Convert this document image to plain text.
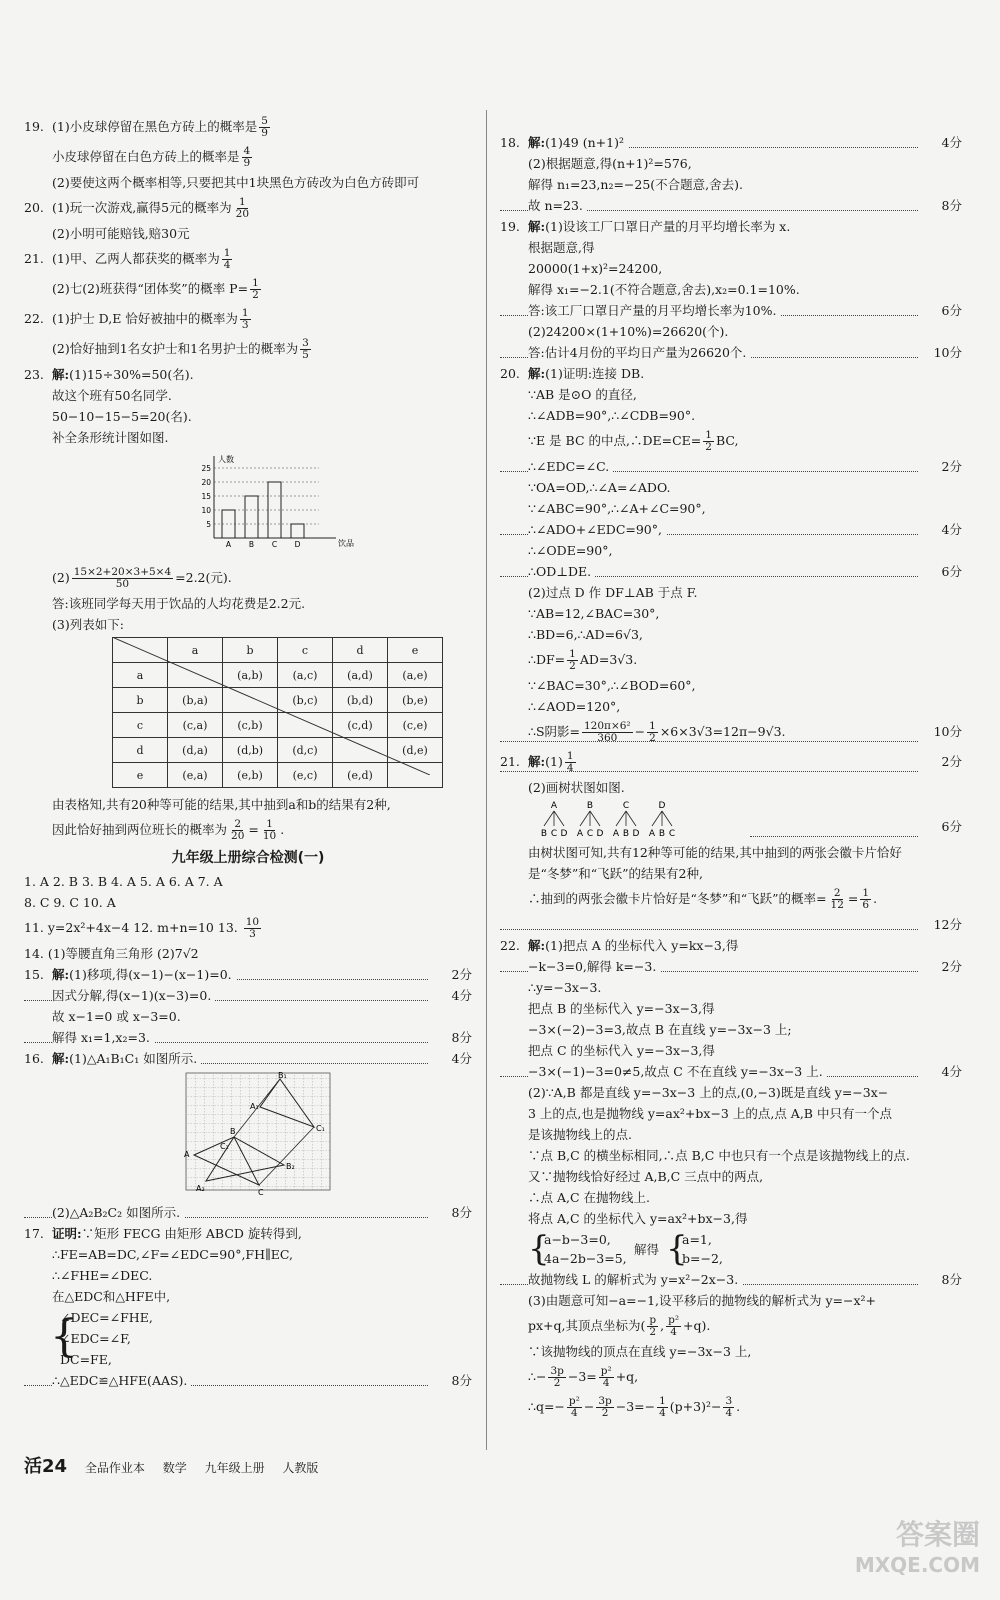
19. (1)小皮球停留在黑色方砖上的概率是 $\frac{5}{9}$
小皮球停留在白色方砖上的概率是 $\frac{4}{9}$
(2)要使这两个概率相等,只要把其中1块黑色方砖改为白色方砖即可
20. (1)玩一次游戏,赢得5元的概率为 $\frac{1}{20}$
(2)小明可能赔钱,赔30元
21. (1)甲、乙两人都获奖的概率为 $\frac{1}{4}$
(2)七(2)班获得“团体奖”的概率 $P= \frac{1}{2}$
22. (1)护士 D,E 恰好被抽中的概率为 $\frac{1}{3}$
(2)恰好抽到1名女护士和1名男护士的概率为 $\frac{3}{5}$
23. 解:(1)15÷30%=50(名).
故这个班有50名同学.
50−10−15−5=20(名).
补全条形统计图如图.
人数
饮品
5
10
15
20
25
A B C D
$(2) \frac{15\times 2+20\times 3+5\times 4}{50} =2.2$(元).
答:该班同学每天用于饮品的人均花费是2.2元.
(3)列表如下:
	a	b	c	d	e
a		(a,b)	(a,c)	(a,d)	(a,e)
b	(b,a)		(b,c)	(b,d)	(b,e)
c	(c,a)	(c,b)		(c,d)	(c,e)
d	(d,a)	(d,b)	(d,c)		(d,e)
e	(e,a)	(e,b)	(e,c)	(e,d)	
由表格知,共有20种等可能的结果,其中抽到a和b的结果有2种,
因此恰好抽到两位班长的概率为 $\frac{2}{20} = \frac{1}{10}$ .
九年级上册综合检测(一)
1. A 2. B 3. B 4. A 5. A 6. A 7. A
8. C 9. C 10. A
11. y=2x²+4x−4 12. m+n=10 13. $\frac{10}{3}$
14. (1)等腰直角三角形 (2)7√2
15. 解:(1)移项,得(x−1)−(x−1)=0.	2分
因式分解,得(x−1)(x−3)=0.	4分
故 x−1=0 或 x−3=0.
解得 x₁=1,x₂=3.	8分
16. 解:(1)△A₁B₁C₁ 如图所示.	4分
A
B
C
A₁
B₁
C₁
A₂
B₂
C₂
(2)△A₂B₂C₂ 如图所示.	8分
17. 证明:∵矩形 FECG 由矩形 ABCD 旋转得到,
∴FE=AB=DC,∠F=∠EDC=90°,FH∥EC,
∴∠FHE=∠DEC.
在△EDC和△HFE中,
{
∠DEC=∠FHE,
∠EDC=∠F,
DC=FE,
∴△EDC≌△HFE(AAS).	8分
18. 解:(1)49 (n+1)²	4分
(2)根据题意,得(n+1)²=576,
解得 n₁=23,n₂=−25(不合题意,舍去).
故 n=23.	8分
19. 解:(1)设该工厂口罩日产量的月平均增长率为 x.
根据题意,得
20000(1+x)²=24200,
解得 x₁=−2.1(不符合题意,舍去),x₂=0.1=10%.
答:该工厂口罩日产量的月平均增长率为10%.	6分
(2)24200×(1+10%)=26620(个).
答:估计4月份的平均日产量为26620个.	10分
20. 解:(1)证明:连接 DB.
∵AB 是⊙O 的直径,
∴∠ADB=90°,∴∠CDB=90°.
∵E 是 BC 的中点,∴DE=CE= $\frac{1}{2}$ BC,
∴∠EDC=∠C.	2分
∵OA=OD,∴∠A=∠ADO.
∵∠ABC=90°,∴∠A+∠C=90°,
∴∠ADO+∠EDC=90°,	4分
∴∠ODE=90°,
∴OD⊥DE.	6分
(2)过点 D 作 DF⊥AB 于点 F.
∵AB=12,∠BAC=30°,
∴BD=6,∴AD=6√3,
∴DF= $\frac{1}{2} AD=3√3$.
∵∠BAC=30°,∴∠BOD=60°,
∴∠AOD=120°,
∴S阴影= $\frac{\text{120π×6²}}{360} - \frac{1}{2} \times 6\times 3√3=12\pi-9√3$.	10分
21. 解:(1) $\frac{1}{4}$	2分
(2)画树状图如图.
A
B C D
B
A C D
C
A B D
D
A B C	6分
由树状图可知,共有12种等可能的结果,其中抽到的两张会徽卡片恰好
是“冬梦”和“飞跃”的结果有2种,
∴抽到的两张会徽卡片恰好是“冬梦”和“飞跃”的概率= $\frac{2}{12} = \frac{1}{6}$ .
12分
22. 解:(1)把点 A 的坐标代入 y=kx−3,得
−k−3=0,解得 k=−3.	2分
∴y=−3x−3.
把点 B 的坐标代入 y=−3x−3,得
−3×(−2)−3=3,故点 B 在直线 y=−3x−3 上;
把点 C 的坐标代入 y=−3x−3,得
−3×(−1)−3=0≠5,故点 C 不在直线 y=−3x−3 上.	4分
(2)∵A,B 都是直线 y=−3x−3 上的点,(0,−3)既是直线 y=−3x−
3 上的点,也是抛物线 y=ax²+bx−3 上的点,点 A,B 中只有一个点
是该抛物线上的点.
∵点 B,C 的横坐标相同,∴点 B,C 中也只有一个点是该抛物线上的点.
又∵抛物线恰好经过 A,B,C 三点中的两点,
∴点 A,C 在抛物线上.
将点 A,C 的坐标代入 y=ax²+bx−3,得
{
a−b−3=0,
4a−2b−3=5,
解得 {
a=1,
b=−2,
故抛物线 L 的解析式为 y=x²−2x−3.	8分
(3)由题意可知−a=−1,设平移后的抛物线的解析式为 y=−x²+
px+q,其顶点坐标为( $\frac{p}{2}$ , $\frac{\text{p²}}{4} +q$).
∵该抛物线的顶点在直线 y=−3x−3 上,
∴− $\frac{3p}{2} -3= \frac{\text{p²}}{4} +q$,
∴q=− $\frac{\text{p²}}{4} - \frac{3p}{2} -3=- \frac{1}{4} (p+3)^2- \frac{3}{4}$ .
活24 全品作业本 数学 九年级上册 人教版
答案圈
MXQE.COM
